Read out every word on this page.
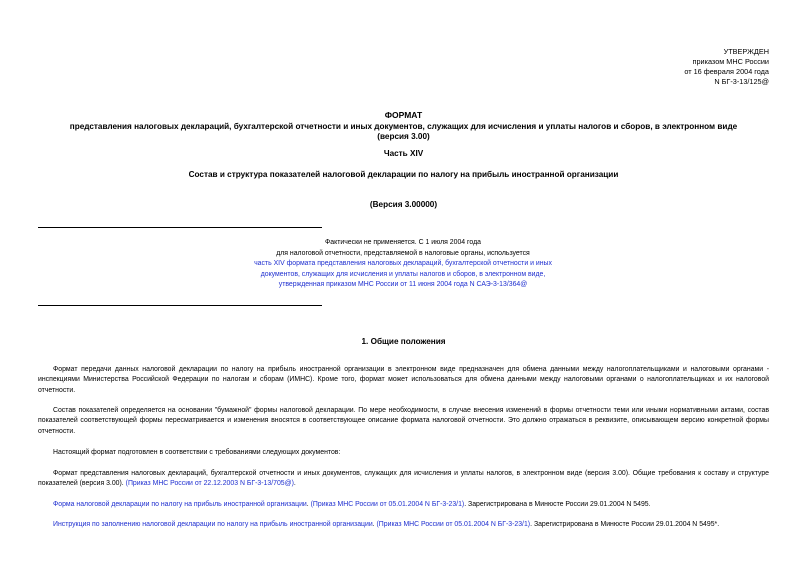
УТВЕРЖДЕН
приказом МНС России
от 16 февраля 2004 года
N БГ-3-13/125@
ФОРМАТ
представления налоговых деклараций, бухгалтерской отчетности и иных документов, служащих для исчисления и уплаты налогов и сборов, в электронном виде
(версия 3.00)
Часть XIV
Состав и структура показателей налоговой декларации по налогу на прибыль иностранной организации
(Версия 3.00000)
Фактически не применяется. С 1 июля 2004 года
для налоговой отчетности, представляемой в налоговые органы, используется
часть XIV формата представления налоговых деклараций, бухгалтерской отчетности и иных документов, служащих для исчисления и уплаты налогов и сборов, в электронном виде, утвержденная приказом МНС России от 11 июня 2004 года N САЭ-3-13/364@
1. Общие положения
Формат передачи данных налоговой декларации по налогу на прибыль иностранной организации в электронном виде предназначен для обмена данными между налогоплательщиками и налоговыми органами - инспекциями Министерства Российской Федерации по налогам и сборам (ИМНС). Кроме того, формат может использоваться для обмена данными между налоговыми органами о налогоплательщиках и их налоговой отчетности.
Состав показателей определяется на основании "бумажной" формы налоговой декларации. По мере необходимости, в случае внесения изменений в формы отчетности теми или иными нормативными актами, состав показателей соответствующей формы пересматривается и изменения вносятся в соответствующее описание формата налоговой отчетности. Это должно отражаться в реквизите, описывающем версию конкретной формы отчетности.
Настоящий формат подготовлен в соответствии с требованиями следующих документов:
Формат представления налоговых деклараций, бухгалтерской отчетности и иных документов, служащих для исчисления и уплаты налогов, в электронном виде (версия 3.00). Общие требования к составу и структуре показателей (версия 3.00). (Приказ МНС России от 22.12.2003 N БГ-3-13/705@).
Форма налоговой декларации по налогу на прибыль иностранной организации. (Приказ МНС России от 05.01.2004 N БГ-3-23/1). Зарегистрирована в Минюсте России 29.01.2004 N 5495.
Инструкция по заполнению налоговой декларации по налогу на прибыль иностранной организации. (Приказ МНС России от 05.01.2004 N БГ-3-23/1). Зарегистрирована в Минюсте России 29.01.2004 N 5495*.
